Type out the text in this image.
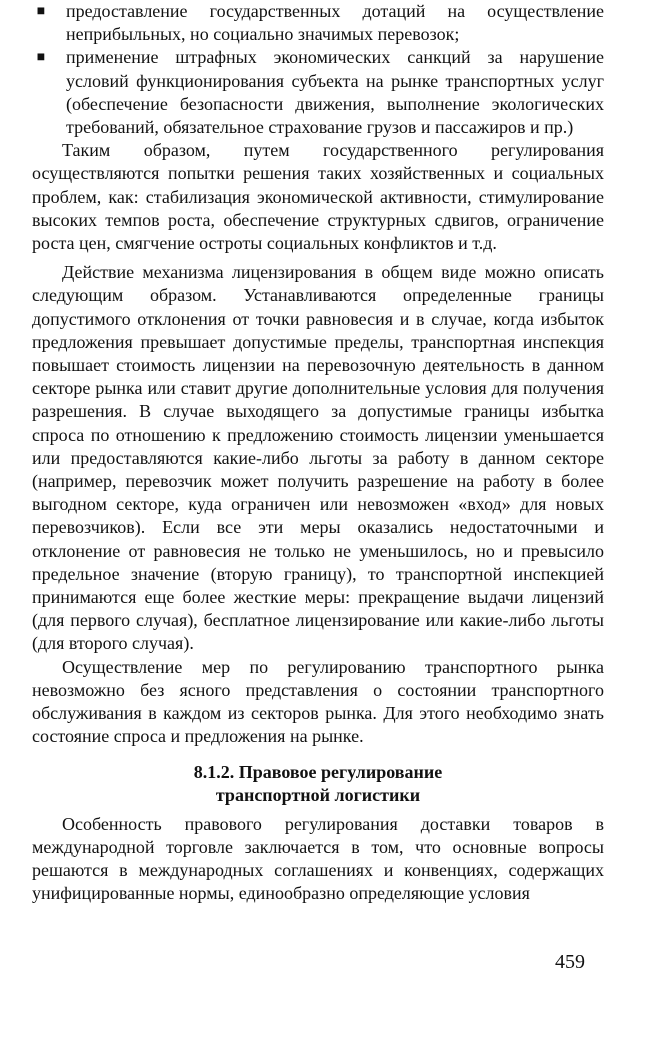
■ предоставление государственных дотаций на осуществление неприбыльных, но социально значимых перевозок;
■ применение штрафных экономических санкций за нарушение условий функционирования субъекта на рынке транспортных услуг (обеспечение безопасности движения, выполнение экологических требований, обязательное страхование грузов и пассажиров и пр.)

Таким образом, путем государственного регулирования осуществляются попытки решения таких хозяйственных и социальных проблем, как: стабилизация экономической активности, стимулирование высоких темпов роста, обеспечение структурных сдвигов, ограничение роста цен, смягчение остроты социальных конфликтов и т.д.

Действие механизма лицензирования в общем виде можно описать следующим образом. Устанавливаются определенные границы допустимого отклонения от точки равновесия и в случае, когда избыток предложения превышает допустимые пределы, транспортная инспекция повышает стоимость лицензии на перевозочную деятельность в данном секторе рынка или ставит другие дополнительные условия для получения разрешения. В случае выходящего за допустимые границы избытка спроса по отношению к предложению стоимость лицензии уменьшается или предоставляются какие-либо льготы за работу в данном секторе (например, перевозчик может получить разрешение на работу в более выгодном секторе, куда ограничен или невозможен «вход» для новых перевозчиков). Если все эти меры оказались недостаточными и отклонение от равновесия не только не уменьшилось, но и превысило предельное значение (вторую границу), то транспортной инспекцией принимаются еще более жесткие меры: прекращение выдачи лицензий (для первого случая), бесплатное лицензирование или какие-либо льготы (для второго случая).

Осуществление мер по регулированию транспортного рынка невозможно без ясного представления о состоянии транспортного обслуживания в каждом из секторов рынка. Для этого необходимо знать состояние спроса и предложения на рынке.

8.1.2. Правовое регулирование
транспортной логистики

Особенность правового регулирования доставки товаров в международной торговле заключается в том, что основные вопросы решаются в международных соглашениях и конвенциях, содержащих унифицированные нормы, единообразно определяющие условия

459
